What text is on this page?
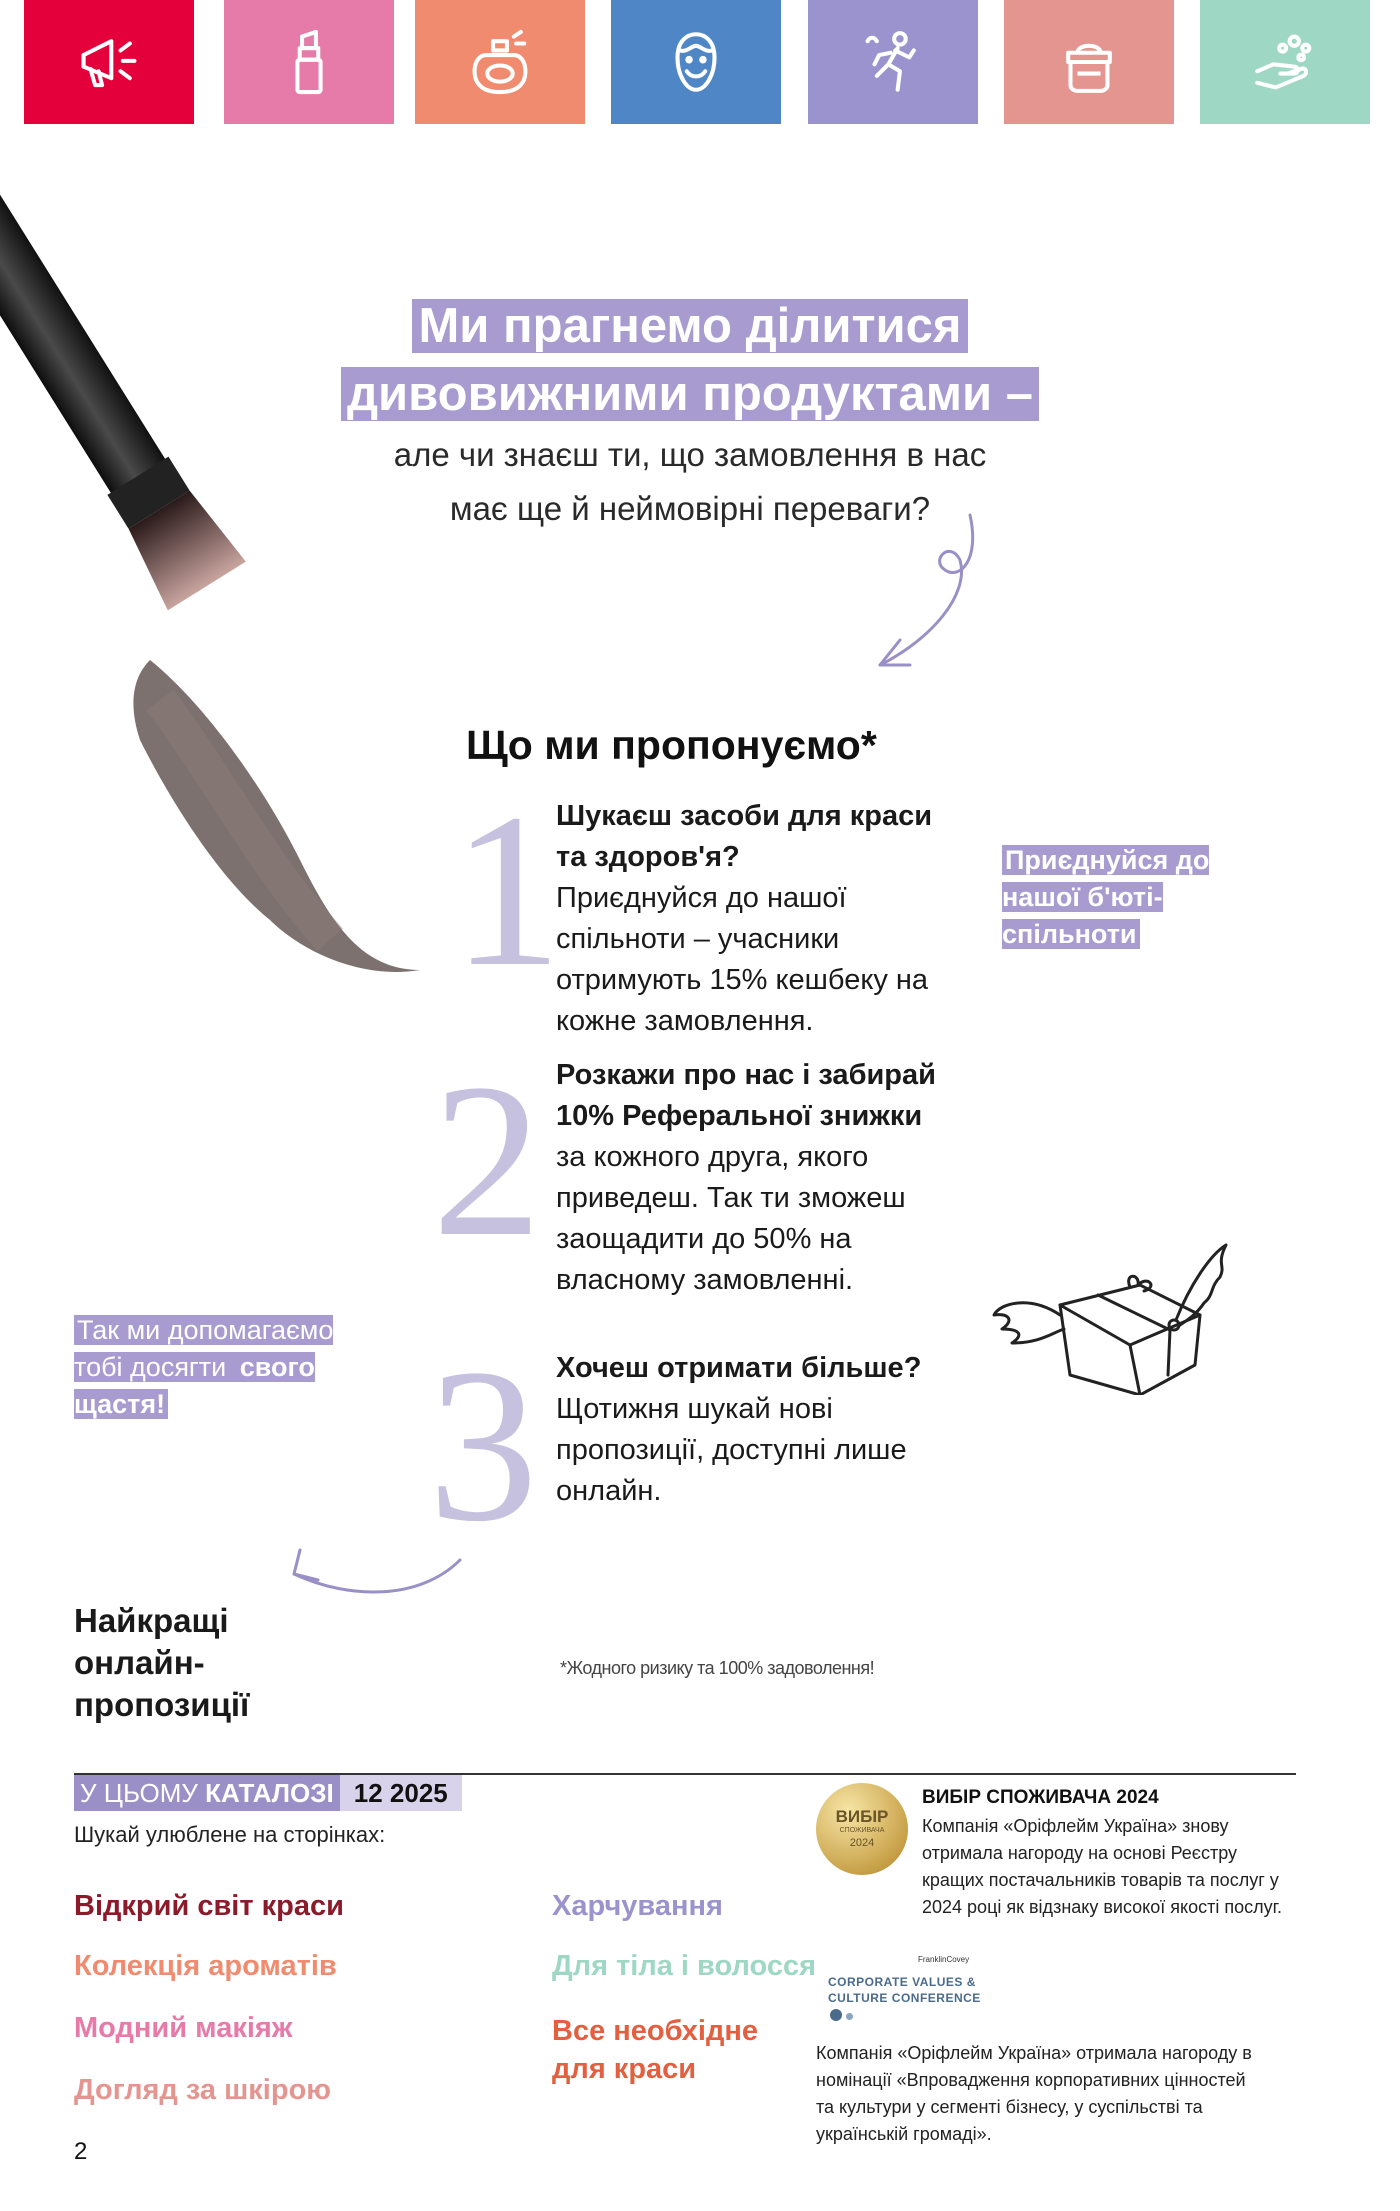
Ми прагнемо ділитися
дивовижними продуктами –
але чи знаєш ти, що замовлення в нас
має ще й неймовірні переваги?
Що ми пропонуємо*
1
Шукаєш засоби для краси та здоров'я?
Приєднуйся до нашої спільноти – учасники отримують 15% кешбеку на кожне замовлення.
2 Розкажи про нас і забирай 10% Реферальної знижки за кожного друга, якого приведеш. Так ти зможеш заощадити до 50% на власному замовленні.
3 Хочеш отримати більше?
Щотижня шукай нові пропозиції, доступні лише онлайн.
Приєднуйся до нашої б'юті-спільноти
Так ми допомагаємо тобі досягти свого щастя!
Найкращі онлайн-пропозиції
*Жодного ризику та 100% задоволення!
У ЦЬОМУ КАТАЛОЗІ 12 2025
Шукай улюблене на сторінках:
Відкрий світ краси
Колекція ароматів
Модний макіяж
Догляд за шкірою
Харчування
Для тіла і волосся
Все необхідне для краси
ВИБІР
СПОЖИВАЧА
2024
ВИБІР СПОЖИВАЧА 2024
Компанія «Оріфлейм Україна» знову отримала нагороду на основі Реєстру кращих постачальників товарів та послуг у 2024 році як відзнаку високої якості послуг.
FranklinCovey
CORPORATE VALUES &
CULTURE CONFERENCE
Компанія «Оріфлейм Україна» отримала нагороду в номінації «Впровадження корпоративних цінностей та культури у сегменті бізнесу, у суспільстві та українській громаді».
2
